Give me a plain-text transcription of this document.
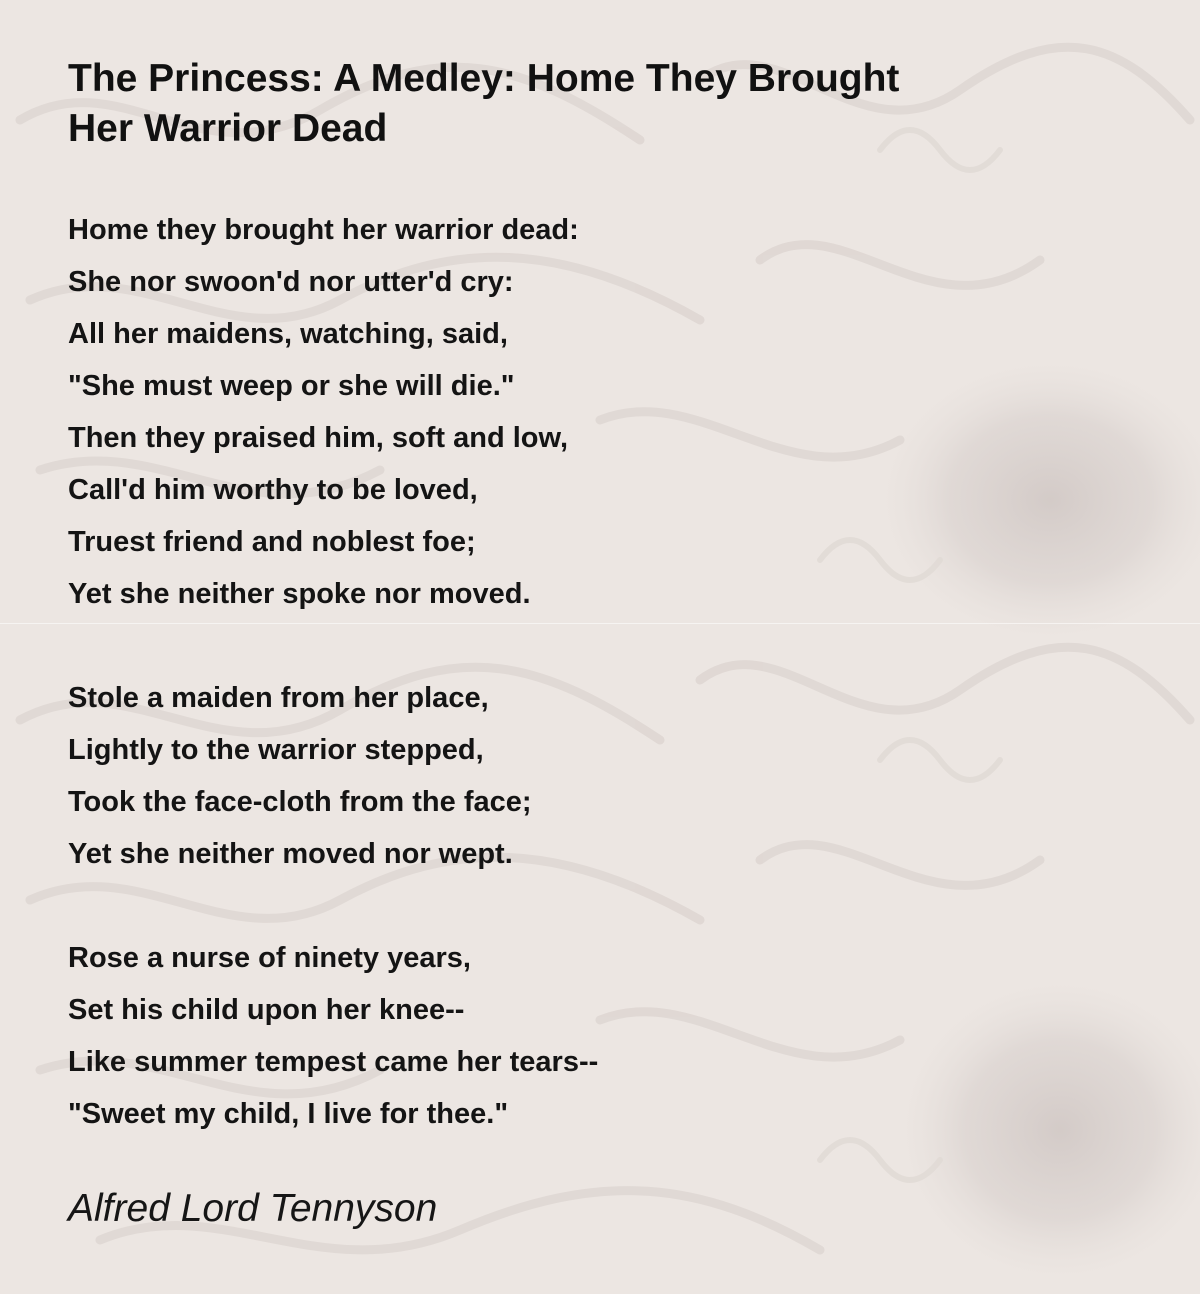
The Princess: A Medley: Home They Brought
Her Warrior Dead
Home they brought her warrior dead:
She nor swoon'd nor utter'd cry:
All her maidens, watching, said,
"She must weep or she will die."
Then they praised him, soft and low,
Call'd him worthy to be loved,
Truest friend and noblest foe;
Yet she neither spoke nor moved.
Stole a maiden from her place,
Lightly to the warrior stepped,
Took the face-cloth from the face;
Yet she neither moved nor wept.
Rose a nurse of ninety years,
Set his child upon her knee--
Like summer tempest came her tears--
"Sweet my child, I live for thee."
Alfred Lord Tennyson
